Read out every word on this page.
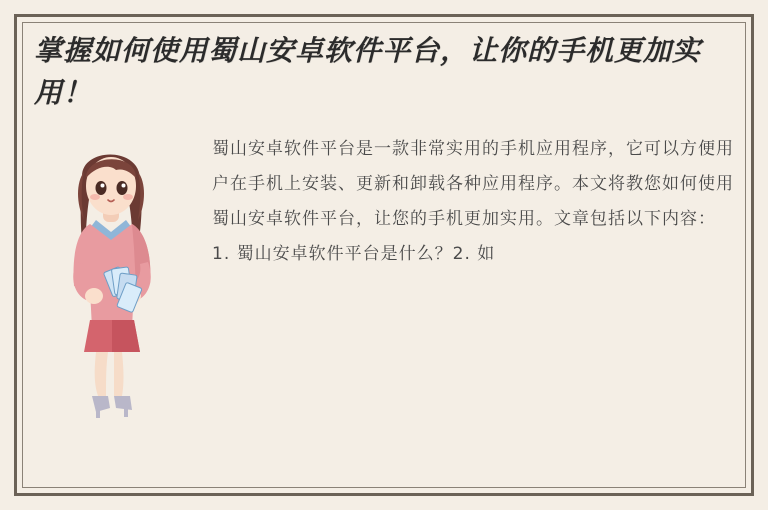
掌握如何使用蜀山安卓软件平台，让你的手机更加实用！
蜀山安卓软件平台是一款非常实用的手机应用程序，它可以方便用户在手机上安装、更新和卸载各种应用程序。本文将教您如何使用蜀山安卓软件平台，让您的手机更加实用。文章包括以下内容：1. 蜀山安卓软件平台是什么？2. 如
